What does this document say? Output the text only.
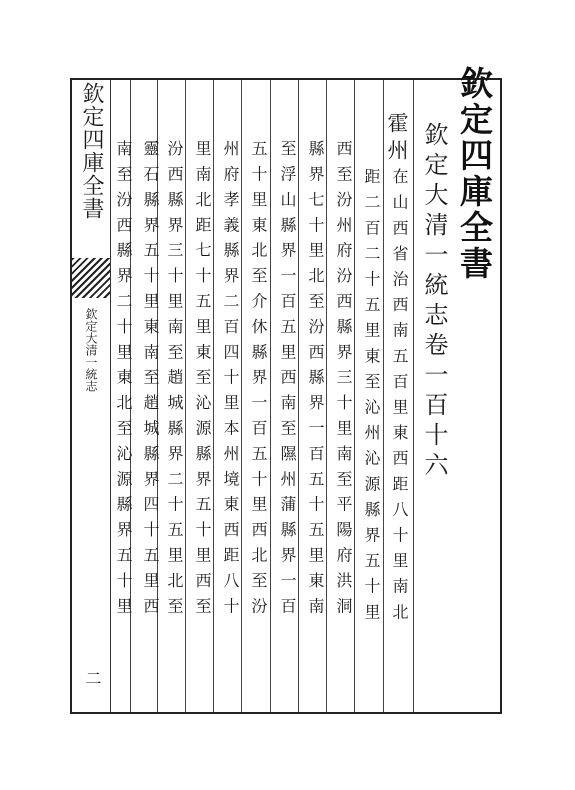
欽定四庫全書
欽定大清一統志
二
欽定四庫全書
欽定大清一統志卷一百十六
霍州
在山西省治西南五百里東西距八十里南北
距二百二十五里東至沁州沁源縣界五十里
西至汾州府汾西縣界三十里南至平陽府洪洞
縣界七十里北至汾西縣界一百五十五里東南
至浮山縣界一百五里西南至隰州蒲縣界一百
五十里東北至介休縣界一百五十里西北至汾
州府孝義縣界二百四十里本州境東西距八十
里南北距七十五里東至沁源縣界五十里西至
汾西縣界三十里南至趙城縣界二十五里北至
靈石縣界五十里東南至趙城縣界四十五里西
南至汾西縣界二十里東北至沁源縣界五十里
